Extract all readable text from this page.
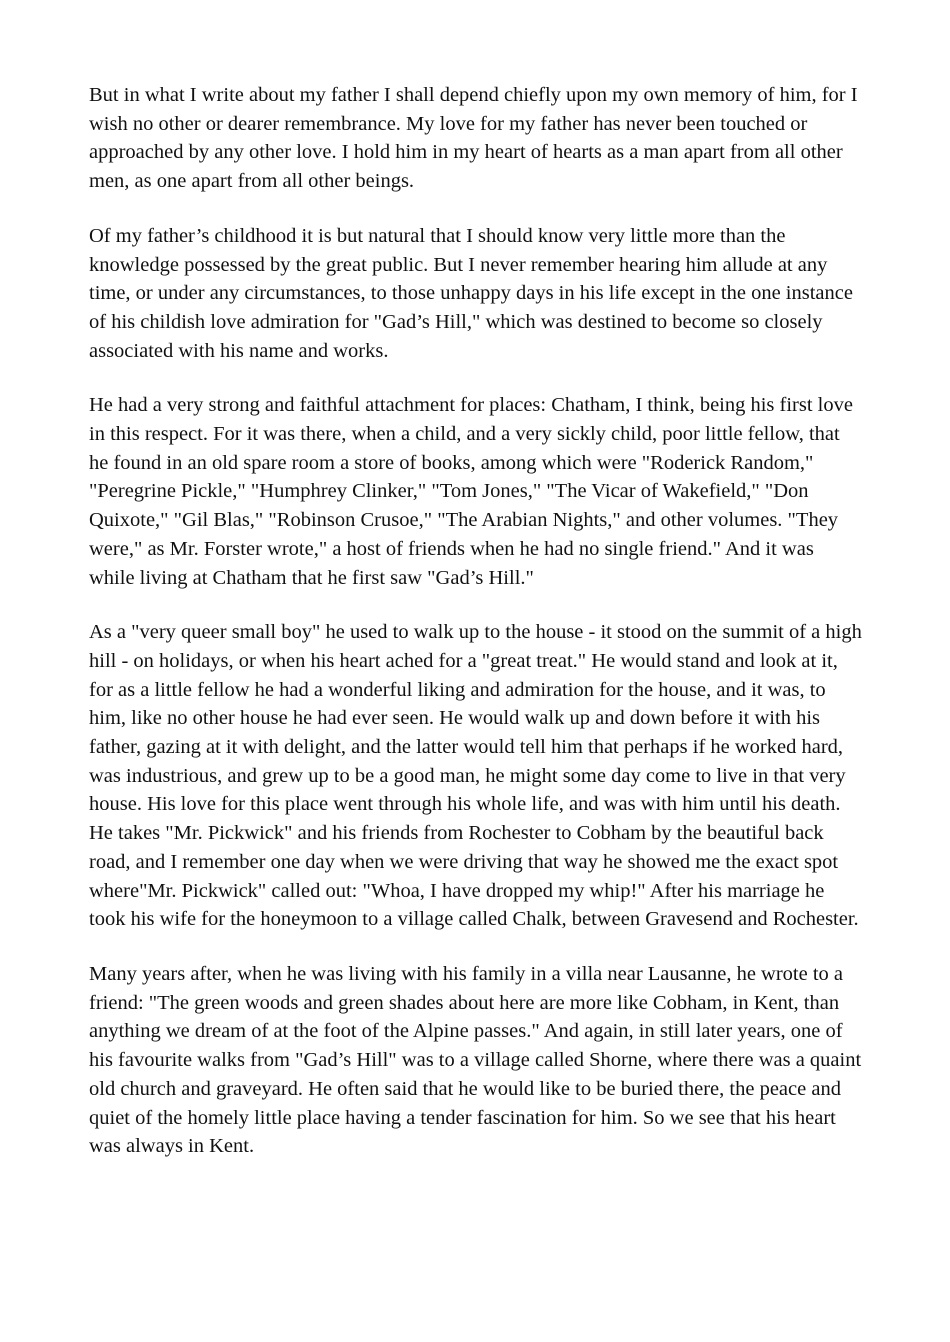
But in what I write about my father I shall depend chiefly upon my own memory of him, for I wish no other or dearer remembrance. My love for my father has never been touched or approached by any other love. I hold him in my heart of hearts as a man apart from all other men, as one apart from all other beings.

Of my father’s childhood it is but natural that I should know very little more than the knowledge possessed by the great public. But I never remember hearing him allude at any time, or under any circumstances, to those unhappy days in his life except in the one instance of his childish love admiration for "Gad’s Hill," which was destined to become so closely associated with his name and works.

He had a very strong and faithful attachment for places: Chatham, I think, being his first love in this respect. For it was there, when a child, and a very sickly child, poor little fellow, that he found in an old spare room a store of books, among which were "Roderick Random," "Peregrine Pickle," "Humphrey Clinker," "Tom Jones," "The Vicar of Wakefield," "Don Quixote," "Gil Blas," "Robinson Crusoe," "The Arabian Nights," and other volumes. "They were," as Mr. Forster wrote," a host of friends when he had no single friend." And it was while living at Chatham that he first saw "Gad’s Hill."

As a "very queer small boy" he used to walk up to the house - it stood on the summit of a high hill - on holidays, or when his heart ached for a "great treat." He would stand and look at it, for as a little fellow he had a wonderful liking and admiration for the house, and it was, to him, like no other house he had ever seen. He would walk up and down before it with his father, gazing at it with delight, and the latter would tell him that perhaps if he worked hard, was industrious, and grew up to be a good man, he might some day come to live in that very house. His love for this place went through his whole life, and was with him until his death. He takes "Mr. Pickwick" and his friends from Rochester to Cobham by the beautiful back road, and I remember one day when we were driving that way he showed me the exact spot where"Mr. Pickwick" called out: "Whoa, I have dropped my whip!" After his marriage he took his wife for the honeymoon to a village called Chalk, between Gravesend and Rochester.

Many years after, when he was living with his family in a villa near Lausanne, he wrote to a friend: "The green woods and green shades about here are more like Cobham, in Kent, than anything we dream of at the foot of the Alpine passes." And again, in still later years, one of his favourite walks from "Gad’s Hill" was to a village called Shorne, where there was a quaint old church and graveyard. He often said that he would like to be buried there, the peace and quiet of the homely little place having a tender fascination for him. So we see that his heart was always in Kent.
